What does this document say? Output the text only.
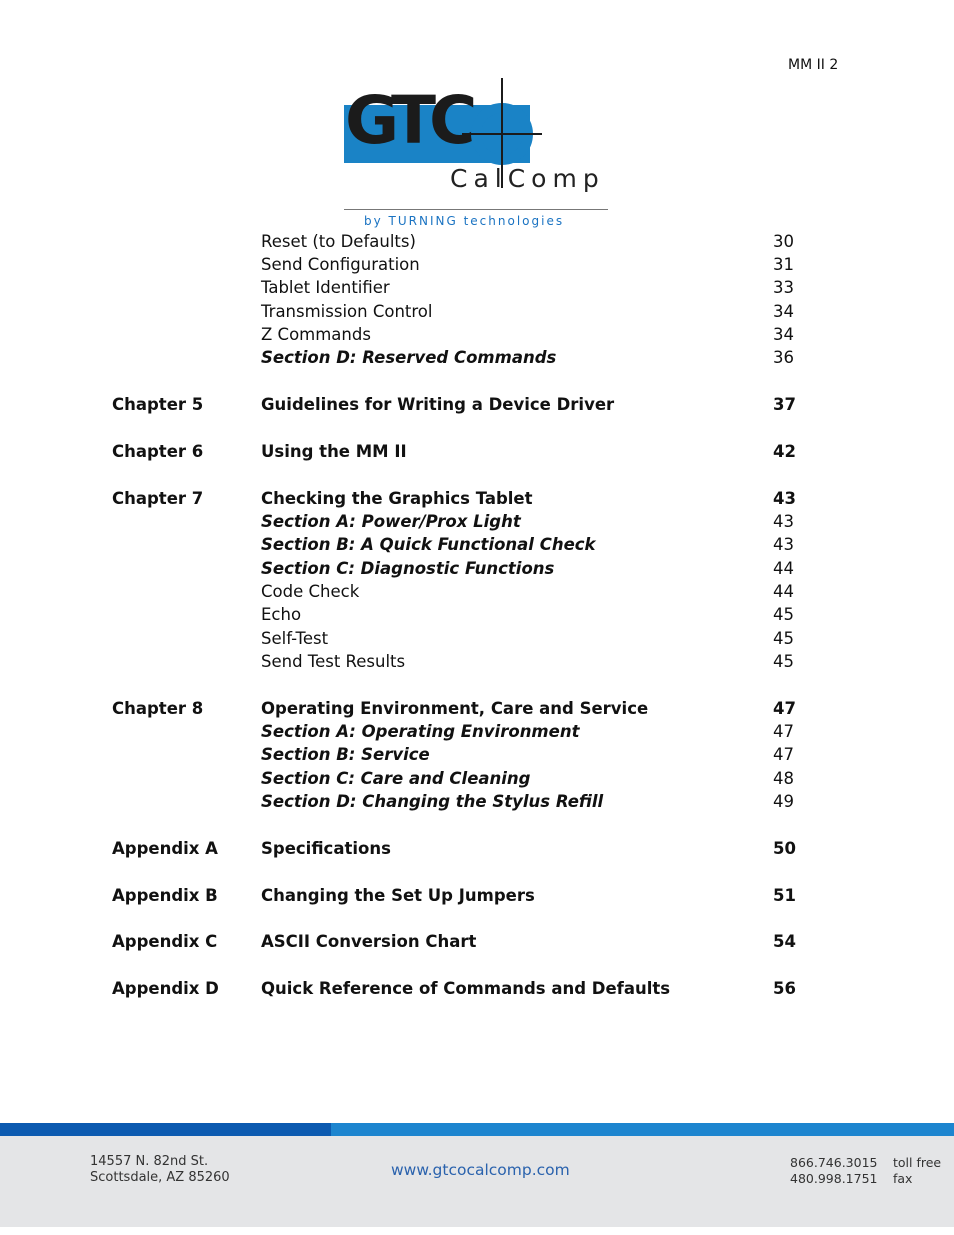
MM II 2
GTC
CalComp
by TURNING technologies
Reset (to Defaults)	30
Send Configuration	31
Tablet Identifier	33
Transmission Control	34
Z Commands	34
Section D: Reserved Commands	36
Chapter 5	Guidelines for Writing a Device Driver	37
Chapter 6	Using the MM II	42
Chapter 7	Checking the Graphics Tablet	43
Section A: Power/Prox Light	43
Section B: A Quick Functional Check	43
Section C: Diagnostic Functions	44
Code Check	44
Echo	45
Self-Test	45
Send Test Results	45
Chapter 8	Operating Environment, Care and Service	47
Section A: Operating Environment	47
Section B: Service	47
Section C: Care and Cleaning	48
Section D: Changing the Stylus Refill	49
Appendix A	Specifications	50
Appendix B	Changing the Set Up Jumpers	51
Appendix C	ASCII Conversion Chart	54
Appendix D	Quick Reference of Commands and Defaults	56
14557 N. 82nd St.
Scottsdale, AZ 85260	www.gtcocalcomp.com	866.746.3015
480.998.1751
toll free
fax
